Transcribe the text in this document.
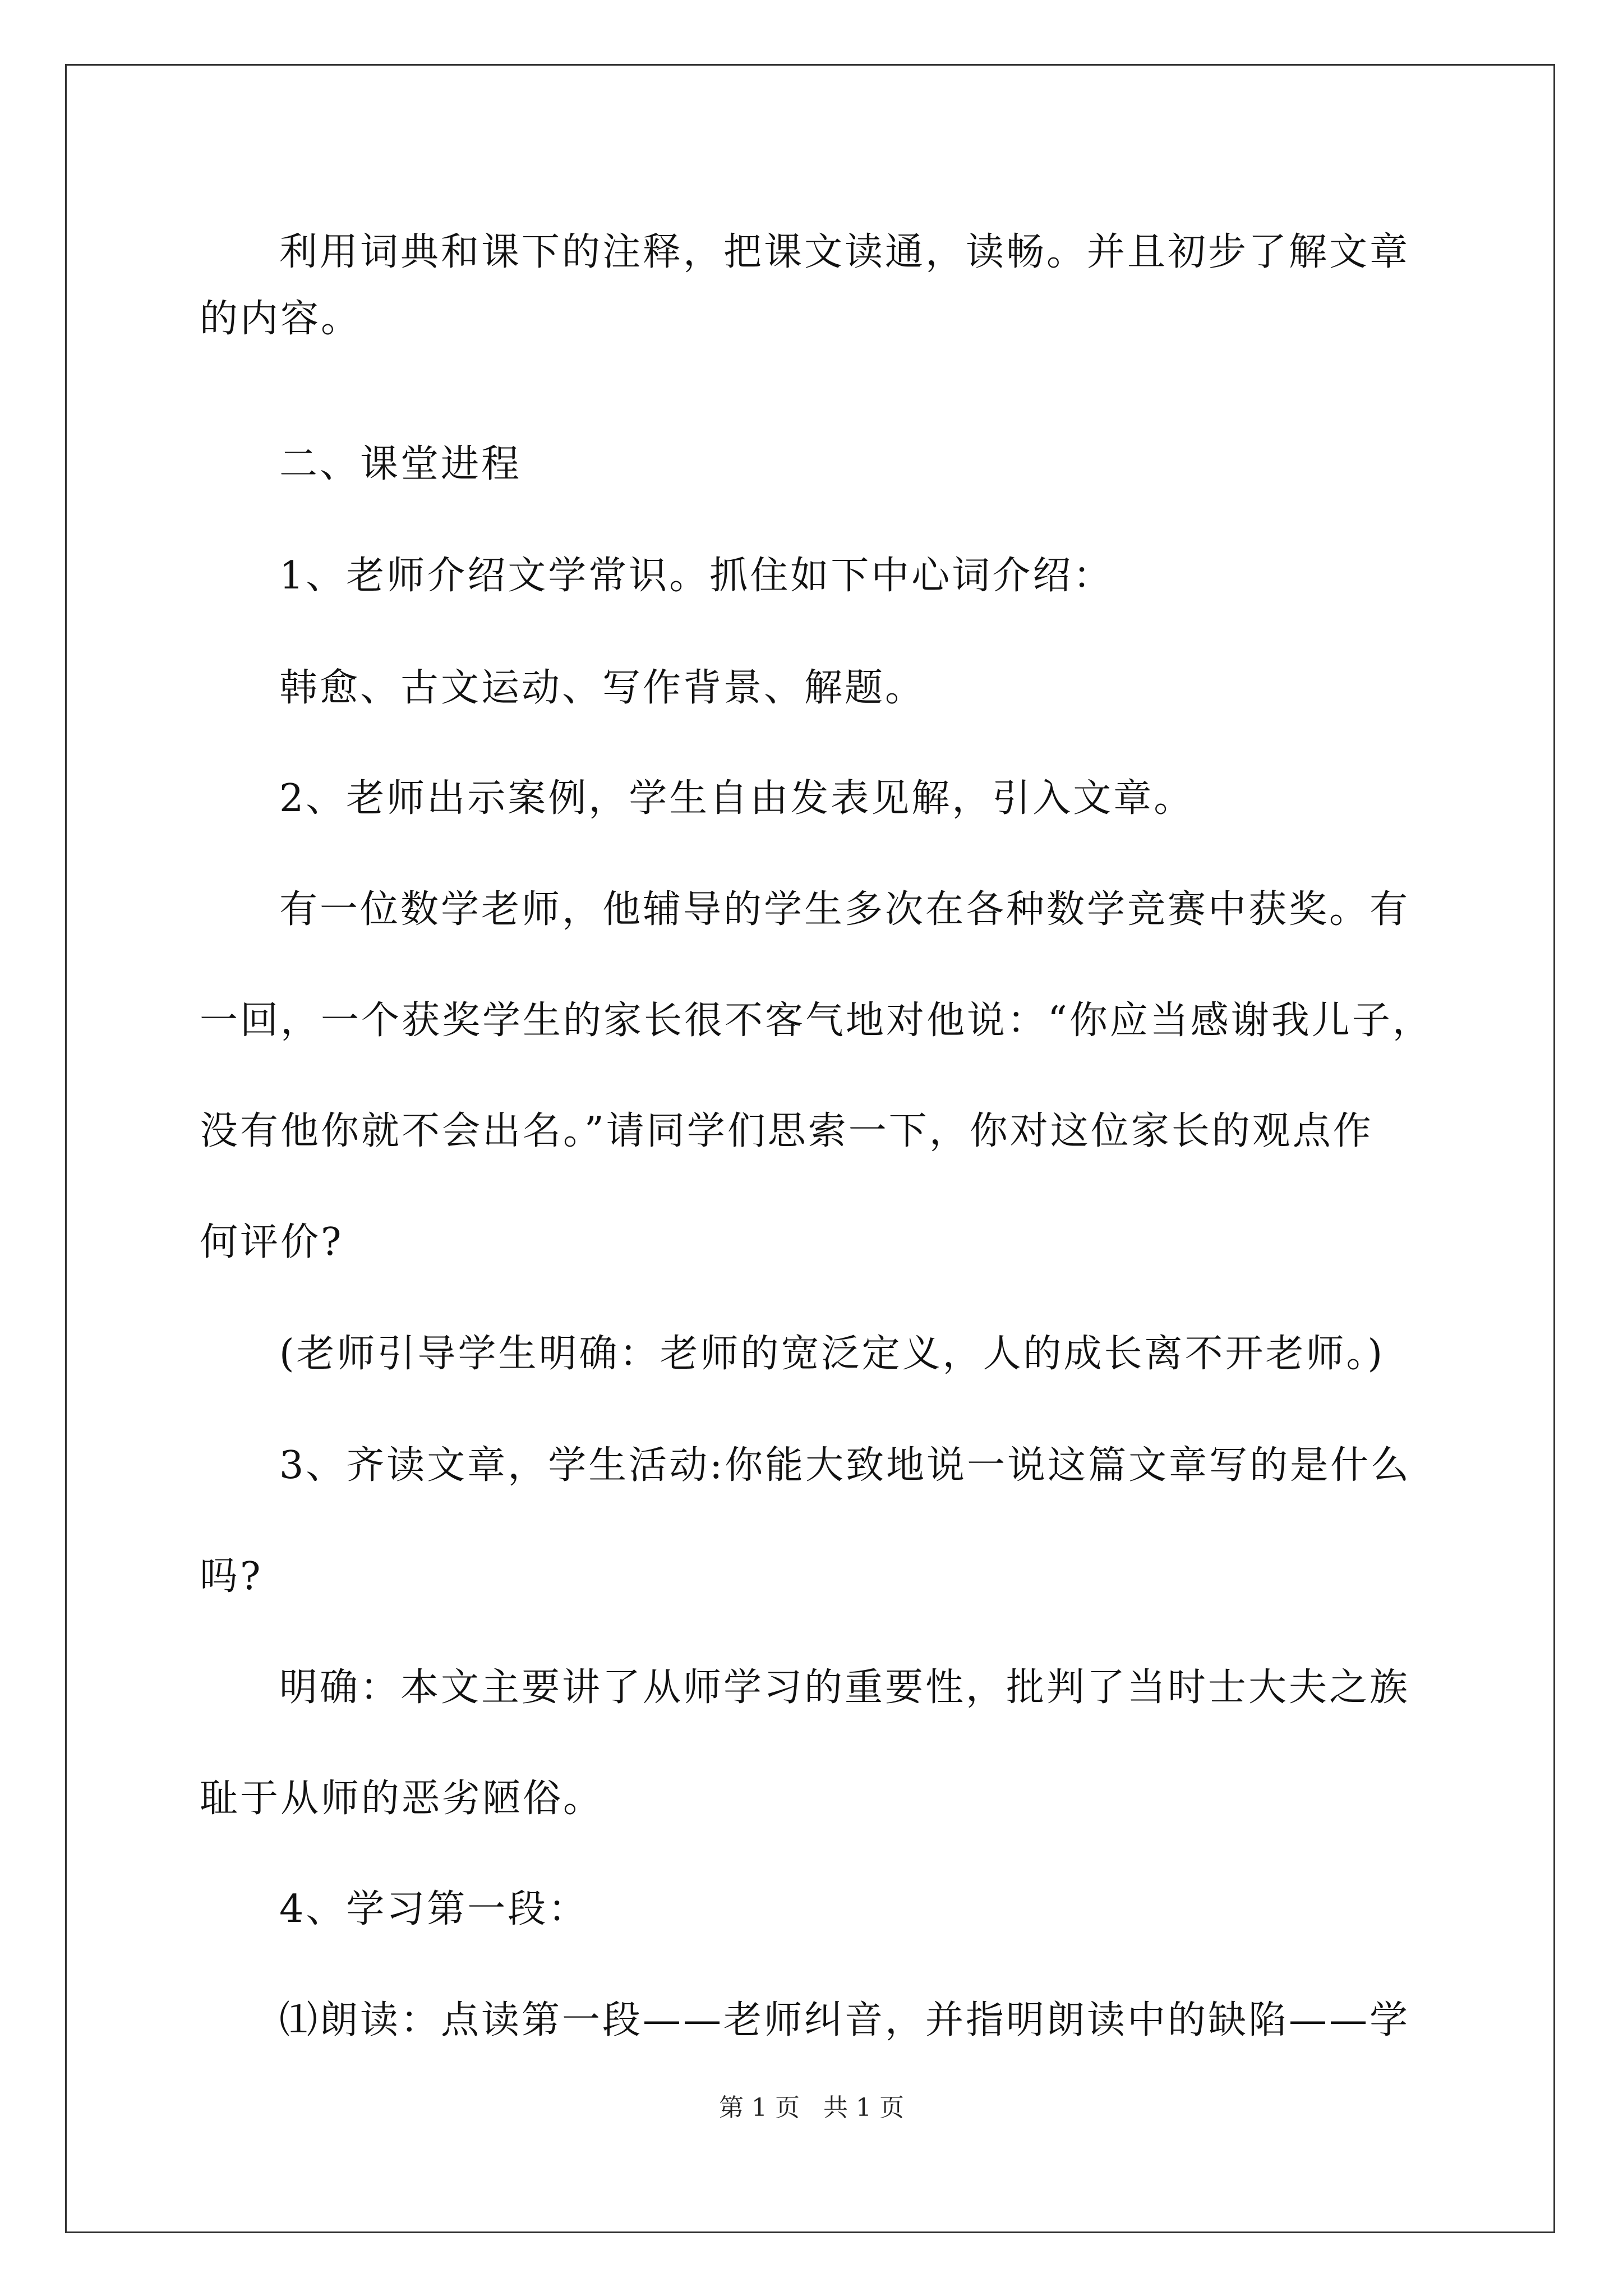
利用词典和课下的注释，把课文读通，读畅。并且初步了解文章
的内容。
二、课堂进程
1、老师介绍文学常识。抓住如下中心词介绍：
韩愈、古文运动、写作背景、解题。
2、老师出示案例，学生自由发表见解，引入文章。
有一位数学老师，他辅导的学生多次在各种数学竞赛中获奖。有
一回，一个获奖学生的家长很不客气地对他说：“你应当感谢我儿子，
没有他你就不会出名。”请同学们思索一下，你对这位家长的观点作
何评价?
(老师引导学生明确：老师的宽泛定义，人的成长离不开老师。)
3、齐读文章，学生活动:你能大致地说一说这篇文章写的是什么
吗?
明确：本文主要讲了从师学习的重要性，批判了当时士大夫之族
耻于从师的恶劣陋俗。
4、学习第一段：
⑴朗读：点读第一段——老师纠音，并指明朗读中的缺陷——学
第 1 页   共 1 页
